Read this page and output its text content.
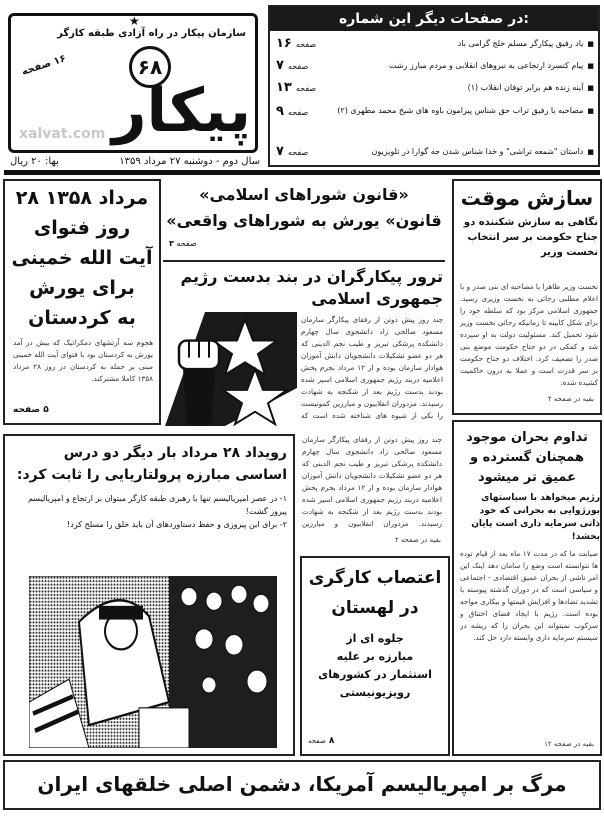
★
سازمان پیکار در راه آزادی طبقه کارگر
۶۸
۱۶ صفحه
پیکار
xalvat.com
سال دوم - دوشنبه ۲۷ مرداد ۱۳۵۹
بها: ۲۰ ریال
در صفحات دیگر این شماره:
■یاد رفیق پیکارگر مسلم خلج گرامی باد
صفحه۱۶
■پیام کنسرد ارتجاعی به نیروهای انقلابی و مردم مبارز رشت
صفحه۷
■آینه زنده هم برابر توفان انقلاب (۱)
صفحه۱۳
■مصاحبه با رفیق تراب حق شناس پیرامون باوه های شیخ محمد مطهری (۲)
صفحه۹
■داستان "شمعه تراشی" و خدا شناس شدن جه گوارا در تلویزیون
صفحه۷
۲۸ مرداد ۱۳۵۸
روز فتوای
آیت الله خمینی
برای یورش
به کردستان
هجوم سه آرتشهای دمکراتیک که بیش در آمد یورش به کردستان بود با فتوای آیت الله خمینی مبنی بر حمله به کردستان در روز ۲۸ مرداد ۱۳۵۸ کاملا مشترکند.
۵ صفحه
«قانون شوراهای اسلامی»
«قانون» یورش به شوراهای واقعی
صفحه ۳
ترور پیکارگران در بند بدست رژیم جمهوری اسلامی
چند روز پیش دوتن از رفقای پیکارگر سازمان مسعود صالحی زاد دانشجوی سال چهارم دانشکده پزشکی تبریز و طیب نجم الدینی که هر دو عضو تشکیلات دانشجویان دانش آموزان هوادار سازمان بوده و از ۱۲ مرداد بجرم پخش اعلامیه دربند رژیم جمهوری اسلامی اسیر شده بودند بدست رژیم بعد از شکنجه به شهادت رسیدند. مزدوران انقلابیون و مبارزین کمونیست را یکی از شیوه های شناخته شده است که
چند روز پیش دوتن از رفقای پیکارگر سازمان مسعود صالحی زاد دانشجوی سال چهارم دانشکده پزشکی تبریز و طیب نجم الدینی که هر دو عضو تشکیلات دانشجویان دانش آموزان هوادار سازمان بوده و از ۱۲ مرداد بجرم پخش اعلامیه دربند رژیم جمهوری اسلامی اسیر شده بودند بدست رژیم بعد از شکنجه به شهادت رسیدند. مزدوران انقلابیون و مبارزین
بقیه در صفحه ۲
سازش موقت
نگاهی به سازش شکننده دو جناح حکومت بر سر انتخاب نخست وزیر
نخست وزیر ظاهرا با مصاحبه ای بنی صدر و با اعلام مطلبی رجائی به نخست وزیری رسید. جمهوری اسلامی مرکز بود که سلطه خود را برای شکل کابینه تا زمانیکه رجائی نخست وزیر شود تحمیل کند. مسئولیت دولت به او سپرده شد و کمکی در دو جناح حکومت موضع بنی صدر را تضعیف کرد. اختلاف دو جناح حکومت بر سر قدرت است و عملا به درون حاکمیت کشیده شده.
بقیه در صفحه ۲
رویداد ۲۸ مرداد بار دیگر دو درس اساسی مبارزه پرولتاریایی را ثابت کرد:
۱- در عصر امپریالیسم تنها با رهبری طبقه کارگر میتوان بر ارتجاع و امپریالیسم پیروز گشت!
۲- برای این پیروزی و حفظ دستاوردهای آن باید خلق را مسلح کرد!
اعتصاب کارگری
در لهستان
جلوه ای از
مبارزه بر علیه
استثمار در کشورهای
رویزیونیستی
۸ صفحه
تداوم بحران موجود
همچنان گسترده و
عمیق تر میشود
رژیم میخواهد با سیاستهای بورژوایی به بحرانی که خود ذاتی سرمایه داری است پایان بخشد!
صیابت ما که در مدت ۱۷ ماه بعد از قیام توده ها نتوانسته است وضع را سامان دهد اینک این امر ناشی از بحران عمیق اقتصادی - اجتماعی و سیاسی است که در دوران گذشته پیوسته با تشدید تضادها و افزایش قیمتها و بیکاری مواجه بوده است. رژیم با ایجاد فضای اختناق و سرکوب نمیتواند این بحران را که ریشه در سیستم سرمایه داری وابسته دارد حل کند.
بقیه در صفحه ۱۲
مرگ بر امپریالیسم آمریکا، دشمن اصلی خلقهای ایران
